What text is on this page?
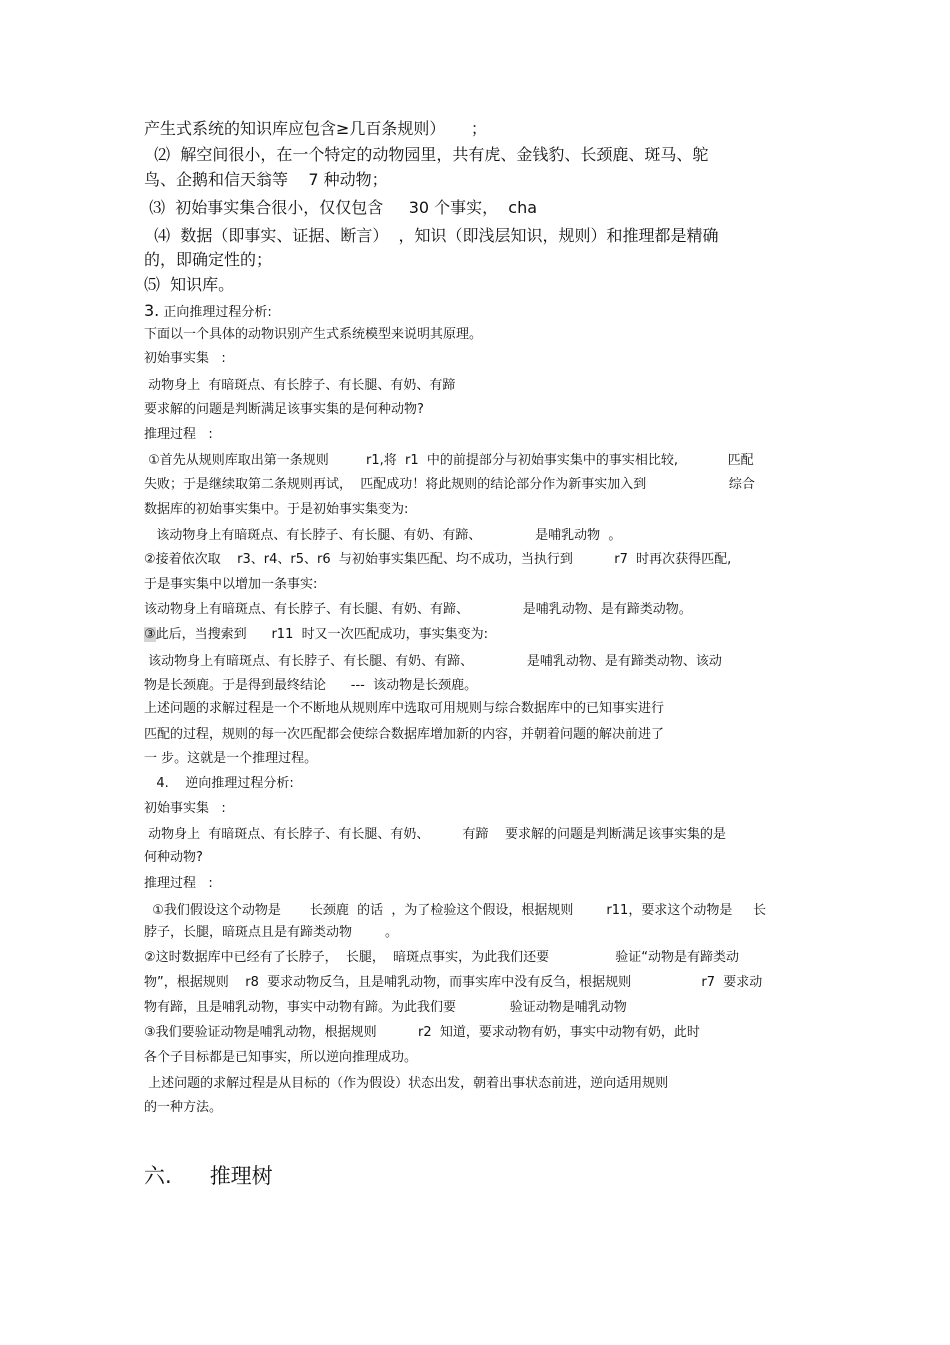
产生式系统的知识库应包含≥几百条规则）     ；
⑵  解空间很小，在一个特定的动物园里，共有虎、金钱豹、长颈鹿、斑马、鸵
鸟、企鹅和信天翁等    7 种动物；
⑶  初始事实集合很小，仅仅包含     30 个事实，  cha
⑷  数据（即事实、证据、断言）  ，知识（即浅层知识，规则）和推理都是精确
的，即确定性的；
⑸  知识库。
3. 正向推理过程分析:
下面以一个具体的动物识别产生式系统模型来说明其原理。
初始事实集   :
动物身上  有暗斑点、有长脖子、有长腿、有奶、有蹄
要求解的问题是判断满足该事实集的是何种动物?
推理过程   :
①首先从规则库取出第一条规则         r1,将  r1  中的前提部分与初始事实集中的事实相比较,            匹配
失败；于是继续取第二条规则再试，  匹配成功！将此规则的结论部分作为新事实加入到                    综合
数据库的初始事实集中。于是初始事实集变为:
该动物身上有暗斑点、有长脖子、有长腿、有奶、有蹄、             是哺乳动物  。
②接着依次取    r3、r4、r5、r6  与初始事实集匹配、均不成功，当执行到          r7  时再次获得匹配,
于是事实集中以增加一条事实:
该动物身上有暗斑点、有长脖子、有长腿、有奶、有蹄、             是哺乳动物、是有蹄类动物。
③此后，当搜索到      r11  时又一次匹配成功，事实集变为:
该动物身上有暗斑点、有长脖子、有长腿、有奶、有蹄、             是哺乳动物、是有蹄类动物、该动
物是长颈鹿。于是得到最终结论      ---  该动物是长颈鹿。
上述问题的求解过程是一个不断地从规则库中选取可用规则与综合数据库中的已知事实进行
匹配的过程，规则的每一次匹配都会使综合数据库增加新的内容，并朝着问题的解决前进了
一 步。这就是一个推理过程。
4.    逆向推理过程分析:
初始事实集   :
动物身上  有暗斑点、有长脖子、有长腿、有奶、        有蹄    要求解的问题是判断满足该事实集的是
何种动物?
推理过程   :
①我们假设这个动物是       长颈鹿  的话  ，为了检验这个假设，根据规则        r11，要求这个动物是     长
脖子，长腿，暗斑点且是有蹄类动物        。
②这时数据库中已经有了长脖子，  长腿，  暗斑点事实，为此我们还要                验证“动物是有蹄类动
物”，根据规则    r8  要求动物反刍，且是哺乳动物，而事实库中没有反刍，根据规则                 r7  要求动
物有蹄，且是哺乳动物，事实中动物有蹄。为此我们要             验证动物是哺乳动物
③我们要验证动物是哺乳动物，根据规则          r2  知道，要求动物有奶，事实中动物有奶，此时
各个子目标都是已知事实，所以逆向推理成功。
上述问题的求解过程是从目标的（作为假设）状态出发，朝着出事状态前进，逆向适用规则
的一种方法。
六. 推理树
